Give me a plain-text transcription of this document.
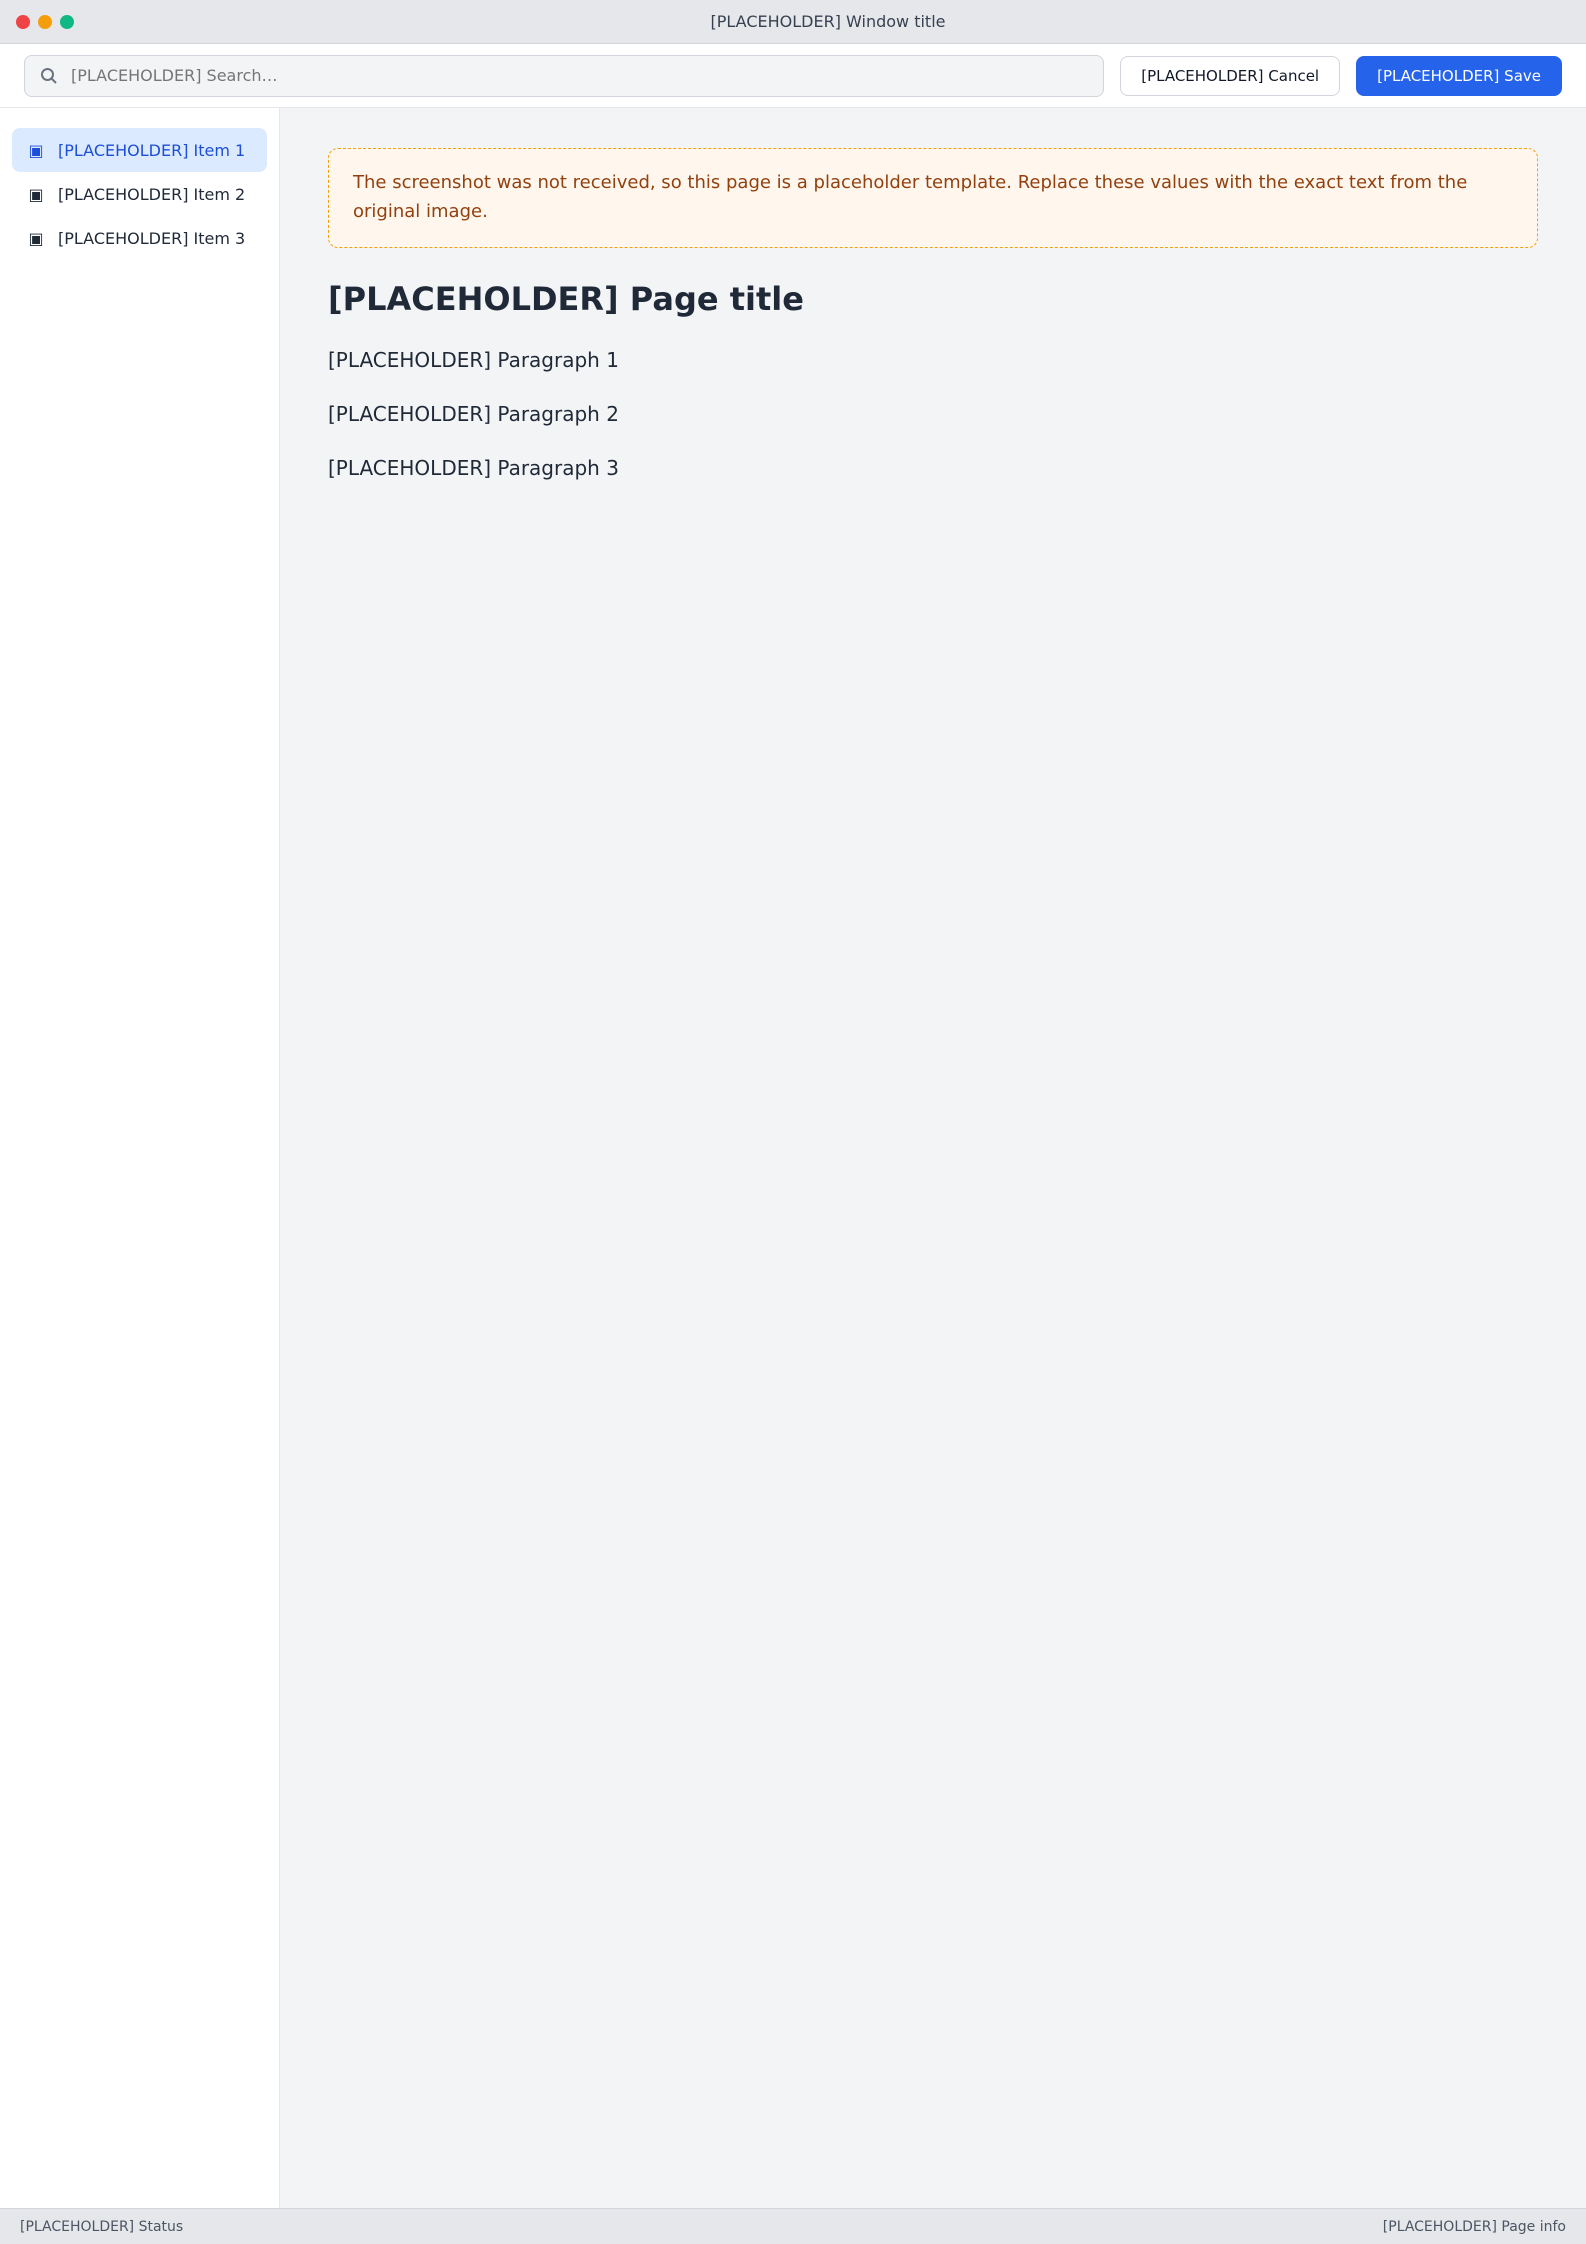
[PLACEHOLDER] Window title
[PLACEHOLDER] Search…
[PLACEHOLDER] Cancel	[PLACEHOLDER] Save
▣ [PLACEHOLDER] Item 1
▣ [PLACEHOLDER] Item 2
▣ [PLACEHOLDER] Item 3
The screenshot was not received, so this page is a placeholder template. Replace these values with the exact text from the original image.
[PLACEHOLDER] Page title

[PLACEHOLDER] Paragraph 1

[PLACEHOLDER] Paragraph 2

[PLACEHOLDER] Paragraph 3

[PLACEHOLDER] Status	[PLACEHOLDER] Page info
